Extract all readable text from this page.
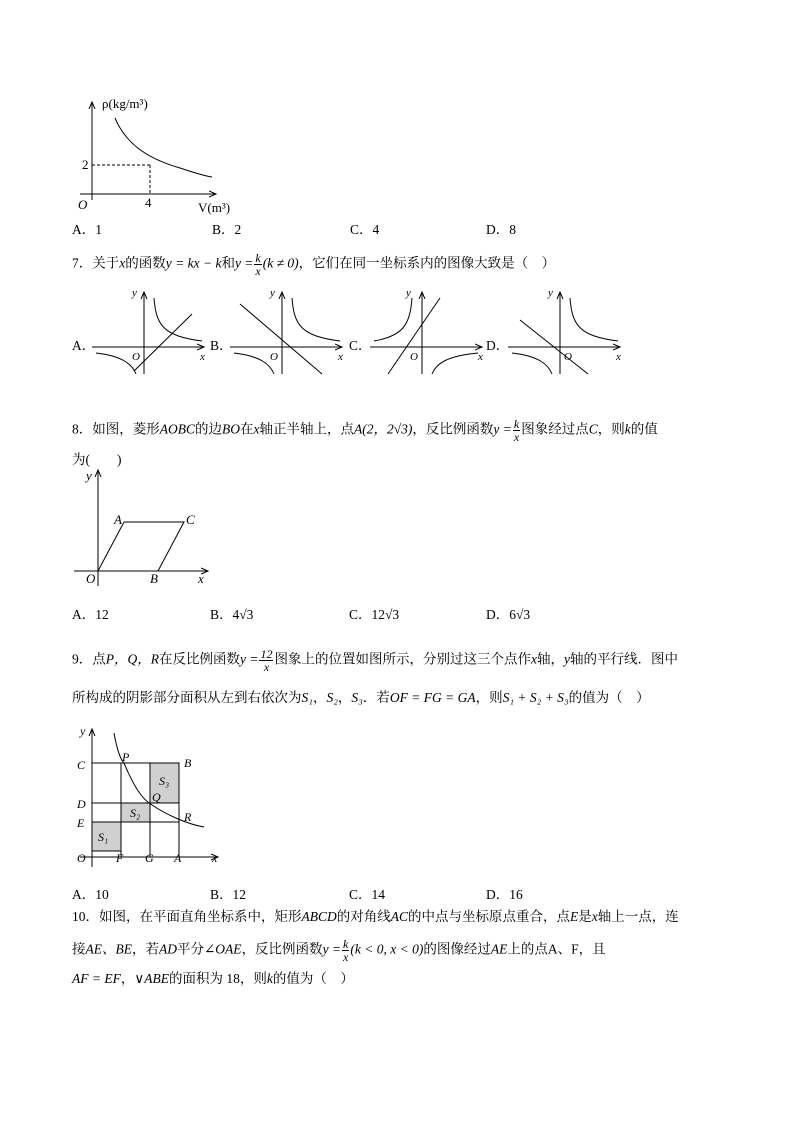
ρ(kg/m³)
2
4
O	V(m³)
A．1	B．2	C．4	D．8
7．关于x的函数y = kx − k和$y = \frac{k}{x} (k \ne 0)$，它们在同一坐标系内的图像大致是（　）
A．	B．	C．	D．
y
O	x
y
O	x
y
O	x
y
O	x
8．如图，菱形AOBC的边BO在x轴正半轴上，点A(2，2√3)，反比例函数$y = \frac{k}{x}$ 图象经过点C，则k的值
为(　　)
y
O
A	C
B	x
A．12	B．4√3	C．12√3	D．6√3
9．点P，Q，R在反比例函数$y = \frac{12}{x}$ 图象上的位置如图所示，分别过这三个点作x轴，y轴的平行线．图中
所构成的阴影部分面积从左到右依次为S₁，S₂，S₃．若OF = FG = GA，则S₁ + S₂ + S₃的值为（　）
y
C
D
E
O	F G A	x
P	B
Q
R
S₁
S₂
S₃
A．10	B．12	C．14	D．16
10．如图，在平面直角坐标系中，矩形ABCD的对角线AC的中点与坐标原点重合，点E是x轴上一点，连
接AE、BE，若AD平分∠OAE，反比例函数$y = \frac{k}{x} (k < 0$, x < 0)的图像经过AE上的点A、F，且
AF = EF，∨ABE的面积为 18，则k的值为（　）
